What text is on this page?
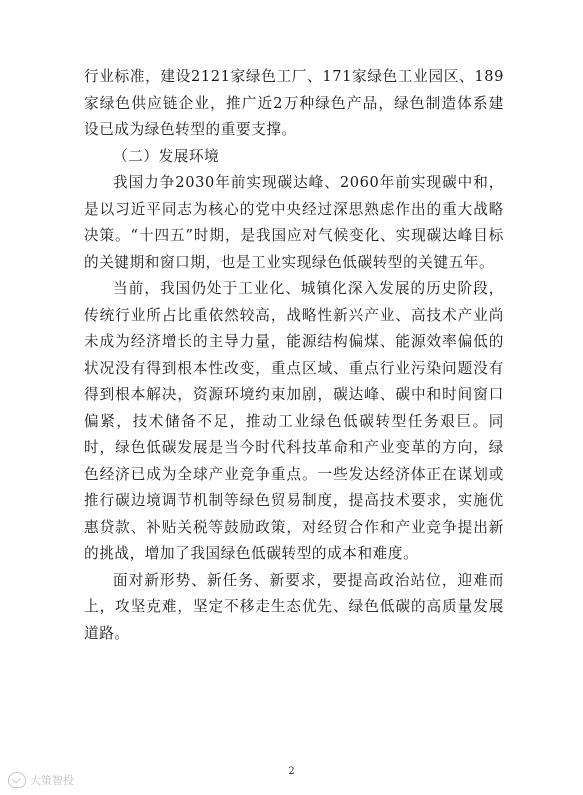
行业标准，建设2121家绿色工厂、171家绿色工业园区、189家绿色供应链企业，推广近2万种绿色产品，绿色制造体系建设已成为绿色转型的重要支撑。

（二）发展环境

我国力争2030年前实现碳达峰、2060年前实现碳中和，是以习近平同志为核心的党中央经过深思熟虑作出的重大战略决策。“十四五”时期，是我国应对气候变化、实现碳达峰目标的关键期和窗口期，也是工业实现绿色低碳转型的关键五年。

当前，我国仍处于工业化、城镇化深入发展的历史阶段，传统行业所占比重依然较高，战略性新兴产业、高技术产业尚未成为经济增长的主导力量，能源结构偏煤、能源效率偏低的状况没有得到根本性改变，重点区域、重点行业污染问题没有得到根本解决，资源环境约束加剧，碳达峰、碳中和时间窗口偏紧，技术储备不足，推动工业绿色低碳转型任务艰巨。同时，绿色低碳发展是当今时代科技革命和产业变革的方向，绿色经济已成为全球产业竞争重点。一些发达经济体正在谋划或推行碳边境调节机制等绿色贸易制度，提高技术要求，实施优惠贷款、补贴关税等鼓励政策，对经贸合作和产业竞争提出新的挑战，增加了我国绿色低碳转型的成本和难度。

面对新形势、新任务、新要求，要提高政治站位，迎难而上，攻坚克难，坚定不移走生态优先、绿色低碳的高质量发展道路。

2
大策智投
